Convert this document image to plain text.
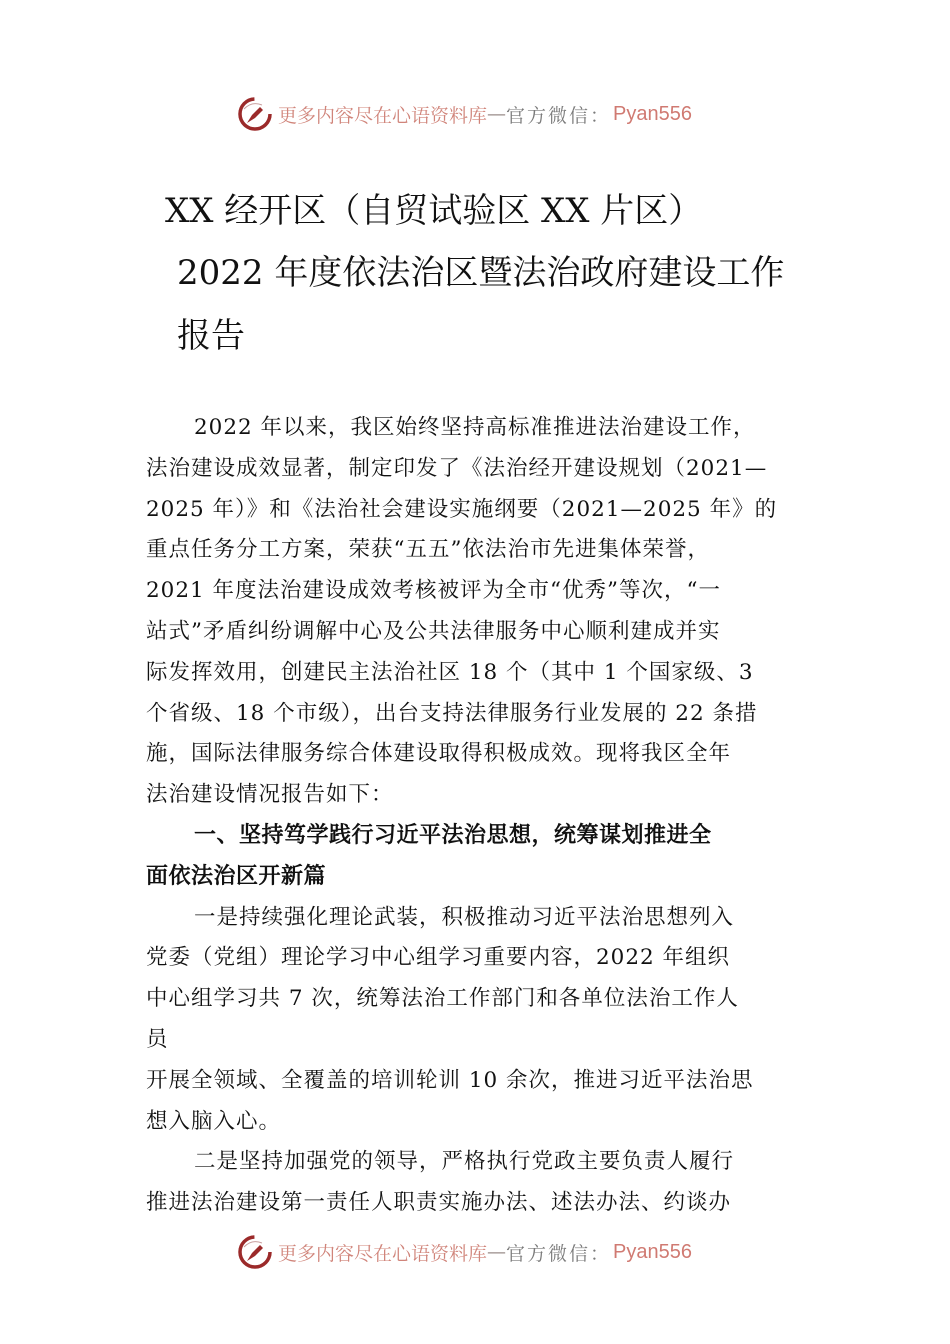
更多内容尽在心语资料库 — 官方微信： Pyan556
XX 经开区（自贸试验区 XX 片区）
2022 年度依法治区暨法治政府建设工作
报告
2022 年以来，我区始终坚持高标准推进法治建设工作，
法治建设成效显著，制定印发了《法治经开建设规划（2021—
2025 年）》和《法治社会建设实施纲要（2021—2025 年》的
重点任务分工方案，荣获“五五”依法治市先进集体荣誉，
2021 年度法治建设成效考核被评为全市“优秀”等次，“一
站式”矛盾纠纷调解中心及公共法律服务中心顺利建成并实
际发挥效用，创建民主法治社区 18 个（其中 1 个国家级、3
个省级、18 个市级），出台支持法律服务行业发展的 22 条措
施，国际法律服务综合体建设取得积极成效。现将我区全年
法治建设情况报告如下：
一、坚持笃学践行习近平法治思想，统筹谋划推进全
面依法治区开新篇
一是持续强化理论武装，积极推动习近平法治思想列入
党委（党组）理论学习中心组学习重要内容，2022 年组织
中心组学习共 7 次，统筹法治工作部门和各单位法治工作人
员
开展全领域、全覆盖的培训轮训 10 余次，推进习近平法治思
想入脑入心。
二是坚持加强党的领导，严格执行党政主要负责人履行
推进法治建设第一责任人职责实施办法、述法办法、约谈办
更多内容尽在心语资料库 — 官方微信： Pyan556
